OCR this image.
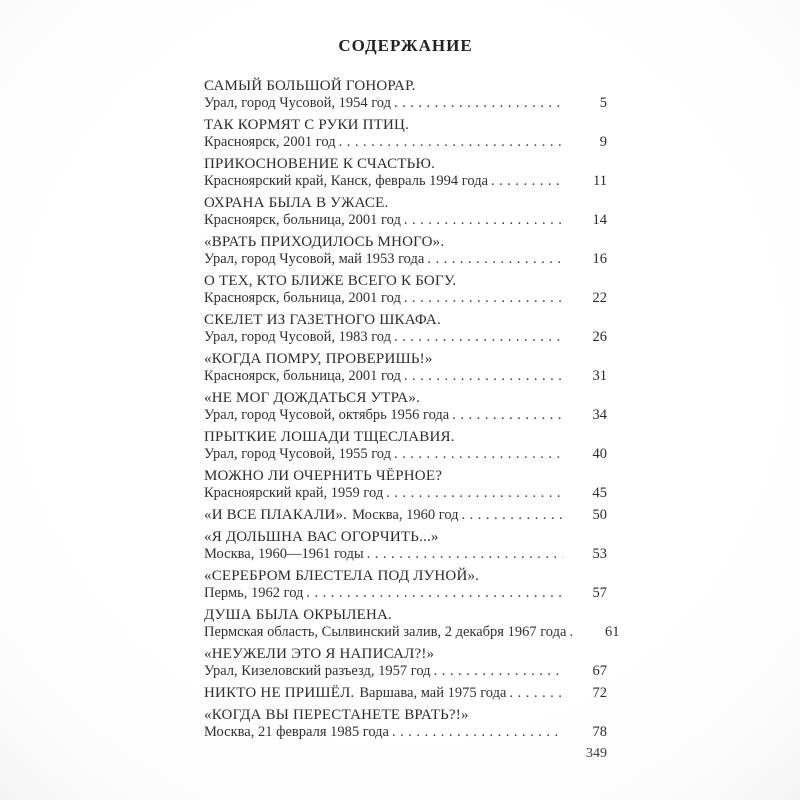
СОДЕРЖАНИЕ
САМЫЙ БОЛЬШОЙ ГОНОРАР.
Урал, город Чусовой, 1954 год .....	5
ТАК КОРМЯТ С РУКИ ПТИЦ.
Красноярск, 2001 год .....	9
ПРИКОСНОВЕНИЕ К СЧАСТЬЮ.
Красноярский край, Канск, февраль 1994 года .....	11
ОХРАНА БЫЛА В УЖАСЕ.
Красноярск, больница, 2001 год .....	14
«ВРАТЬ ПРИХОДИЛОСЬ МНОГО».
Урал, город Чусовой, май 1953 года .....	16
О ТЕХ, КТО БЛИЖЕ ВСЕГО К БОГУ.
Красноярск, больница, 2001 год .....	22
СКЕЛЕТ ИЗ ГАЗЕТНОГО ШКАФА.
Урал, город Чусовой, 1983 год .....	26
«КОГДА ПОМРУ, ПРОВЕРИШЬ!»
Красноярск, больница, 2001 год .....	31
«НЕ МОГ ДОЖДАТЬСЯ УТРА».
Урал, город Чусовой, октябрь 1956 года .....	34
ПРЫТКИЕ ЛОШАДИ ТЩЕСЛАВИЯ.
Урал, город Чусовой, 1955 год .....	40
МОЖНО ЛИ ОЧЕРНИТЬ ЧЁРНОЕ?
Красноярский край, 1959 год .....	45
«И ВСЕ ПЛАКАЛИ». Москва, 1960 год .....	50
«Я ДОЛЬШНА ВАС ОГОРЧИТЬ...»
Москва, 1960—1961 годы .....	53
«СЕРЕБРОМ БЛЕСТЕЛА ПОД ЛУНОЙ».
Пермь, 1962 год .....	57
ДУША БЫЛА ОКРЫЛЕНА.
Пермская область, Сылвинский залив, 2 декабря 1967 года .....	61
«НЕУЖЕЛИ ЭТО Я НАПИСАЛ?!»
Урал, Кизеловский разъезд, 1957 год .....	67
НИКТО НЕ ПРИШЁЛ. Варшава, май 1975 года .....	72
«КОГДА ВЫ ПЕРЕСТАНЕТЕ ВРАТЬ?!»
Москва, 21 февраля 1985 года .....	78
349
